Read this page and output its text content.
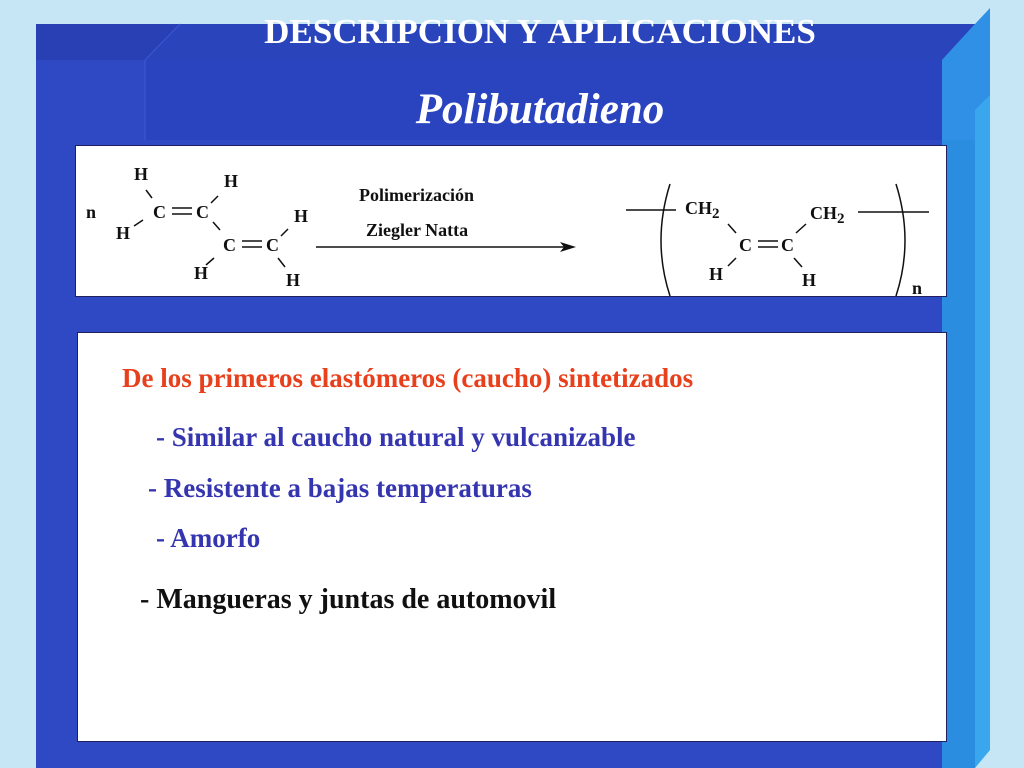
DESCRIPCION Y APLICACIONES
Polibutadieno
n
H
H
C C
H
C C
H
H	H
Polimerización
Ziegler Natta
$CH_2$	$CH_2$
C C
H	H	n
De los primeros elastómeros (caucho) sintetizados
- Similar al caucho natural y vulcanizable
- Resistente a bajas temperaturas
- Amorfo
- Mangueras y juntas de automovil
